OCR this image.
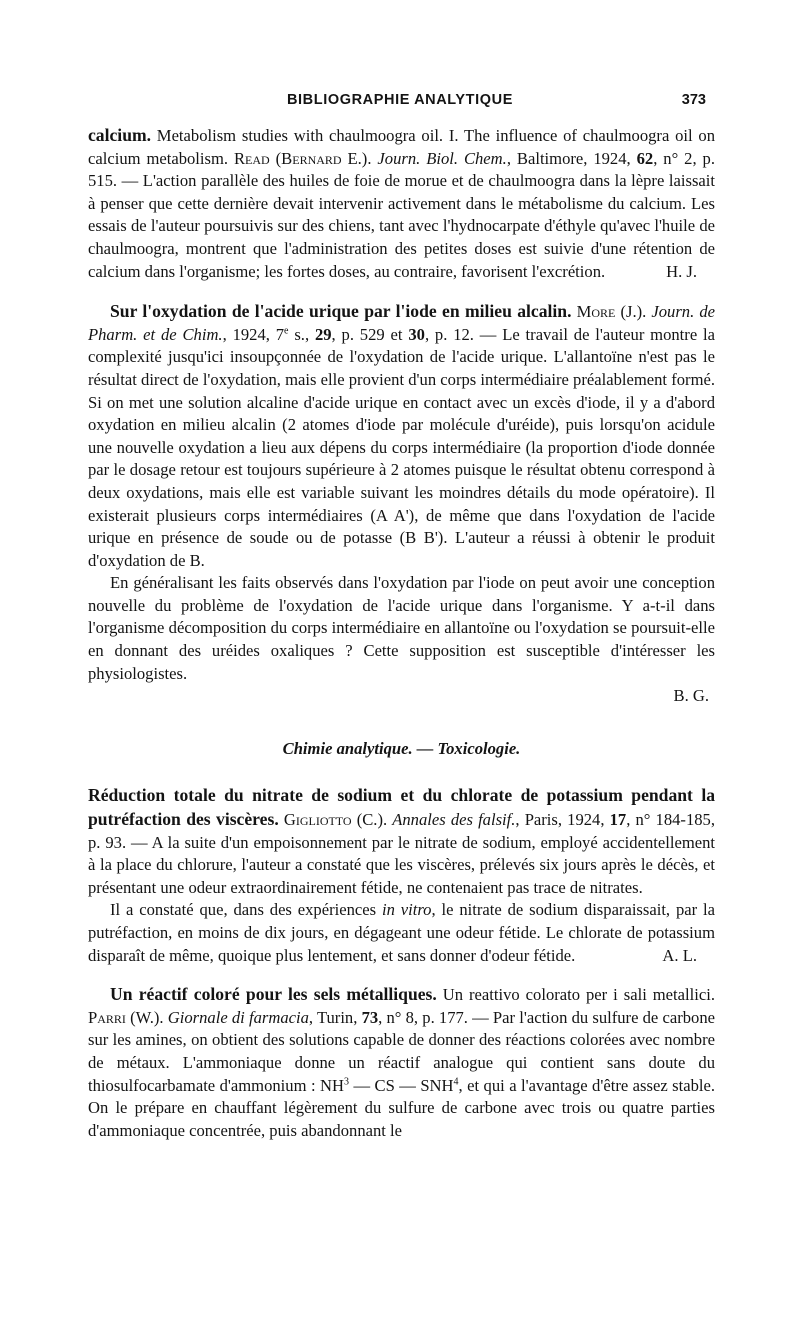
BIBLIOGRAPHIE ANALYTIQUE	373

calcium. Metabolism studies with chaulmoogra oil. I. The influence of chaulmoogra oil on calcium metabolism. Read (Bernard E.). Journ. Biol. Chem., Baltimore, 1924, 62, n° 2, p. 515. — L'action parallèle des huiles de foie de morue et de chaulmoogra dans la lèpre laissait à penser que cette dernière devait intervenir activement dans le métabolisme du calcium. Les essais de l'auteur poursuivis sur des chiens, tant avec l'hydnocarpate d'éthyle qu'avec l'huile de chaulmoogra, montrent que l'administration des petites doses est suivie d'une rétention de calcium dans l'organisme; les fortes doses, au contraire, favorisent l'excrétion.	H. J.

Sur l'oxydation de l'acide urique par l'iode en milieu alcalin. More (J.). Journ. de Pharm. et de Chim., 1924, 7e s., 29, p. 529 et 30, p. 12. — Le travail de l'auteur montre la complexité jusqu'ici insoupçonnée de l'oxydation de l'acide urique. L'allantoïne n'est pas le résultat direct de l'oxydation, mais elle provient d'un corps intermédiaire préalablement formé. Si on met une solution alcaline d'acide urique en contact avec un excès d'iode, il y a d'abord oxydation en milieu alcalin (2 atomes d'iode par molécule d'uréide), puis lorsqu'on acidule une nouvelle oxydation a lieu aux dépens du corps intermédiaire (la proportion d'iode donnée par le dosage retour est toujours supérieure à 2 atomes puisque le résultat obtenu correspond à deux oxydations, mais elle est variable suivant les moindres détails du mode opératoire). Il existerait plusieurs corps intermédiaires (A A'), de même que dans l'oxydation de l'acide urique en présence de soude ou de potasse (B B'). L'auteur a réussi à obtenir le produit d'oxydation de B.

En généralisant les faits observés dans l'oxydation par l'iode on peut avoir une conception nouvelle du problème de l'oxydation de l'acide urique dans l'organisme. Y a-t-il dans l'organisme décomposition du corps intermédiaire en allantoïne ou l'oxydation se poursuit-elle en donnant des uréides oxaliques ? Cette supposition est susceptible d'intéresser les physiologistes.

B. G.

Chimie analytique. — Toxicologie.

Réduction totale du nitrate de sodium et du chlorate de potassium pendant la putréfaction des viscères. Gigliotto (C.). Annales des falsif., Paris, 1924, 17, n° 184-185, p. 93. — A la suite d'un empoisonnement par le nitrate de sodium, employé accidentellement à la place du chlorure, l'auteur a constaté que les viscères, prélevés six jours après le décès, et présentant une odeur extraordinairement fétide, ne contenaient pas trace de nitrates.

Il a constaté que, dans des expériences in vitro, le nitrate de sodium disparaissait, par la putréfaction, en moins de dix jours, en dégageant une odeur fétide. Le chlorate de potassium disparaît de même, quoique plus lentement, et sans donner d'odeur fétide.	A. L.

Un réactif coloré pour les sels métalliques. Un reattivo colorato per i sali metallici. Parri (W.). Giornale di farmacia, Turin, 73, n° 8, p. 177. — Par l'action du sulfure de carbone sur les amines, on obtient des solutions capable de donner des réactions colorées avec nombre de métaux. L'ammoniaque donne un réactif analogue qui contient sans doute du thiosulfocarbamate d'ammonium : $NH^3$ — CS — SNH$^4$, et qui a l'avantage d'être assez stable. On le prépare en chauffant légèrement du sulfure de carbone avec trois ou quatre parties d'ammoniaque concentrée, puis abandonnant le
